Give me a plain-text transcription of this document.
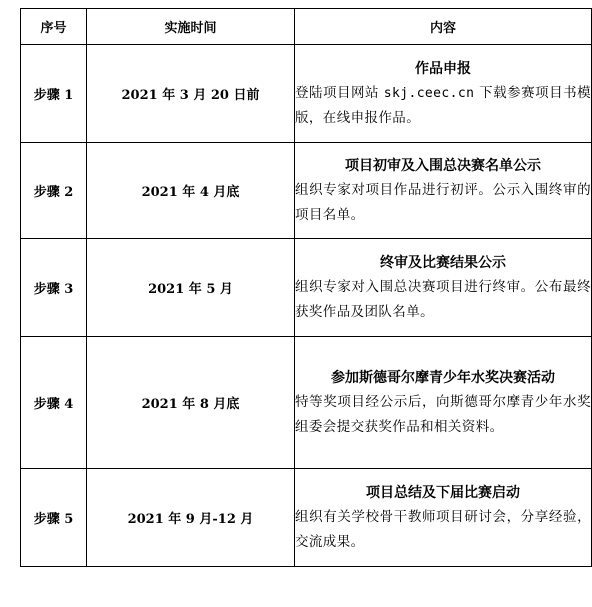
序号	实施时间	内容
步骤 1	2021 年 3 月 20 日前	作品申报
登陆项目网站 skj.ceec.cn 下载参赛项目书模版，在线申报作品。

步骤 2	2021 年 4 月底	项目初审及入围总决赛名单公示
组织专家对项目作品进行初评。公示入围终审的项目名单。

步骤 3	2021 年 5 月	终审及比赛结果公示
组织专家对入围总决赛项目进行终审。公布最终获奖作品及团队名单。

步骤 4	2021 年 8 月底	参加斯德哥尔摩青少年水奖决赛活动
特等奖项目经公示后，向斯德哥尔摩青少年水奖组委会提交获奖作品和相关资料。

步骤 5	2021 年 9 月-12 月	项目总结及下届比赛启动
组织有关学校骨干教师项目研讨会，分享经验，交流成果。
